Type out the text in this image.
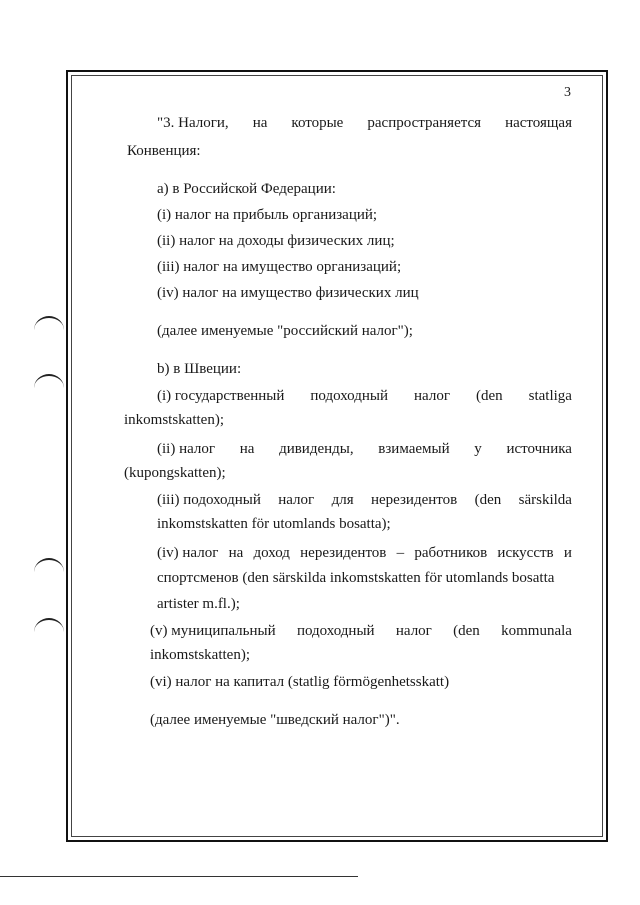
3
"3. Налоги, на которые распространяется настоящая
Конвенция:
а) в Российской Федерации:
(i) налог на прибыль организаций;
(ii) налог на доходы физических лиц;
(iii) налог на имущество организаций;
(iv) налог на имущество физических лиц
(далее именуемые "российский налог");
b) в Швеции:
(i) государственный подоходный налог (den statliga
inkomstskatten);
(ii) налог на дивиденды, взимаемый у источника
(kupongskatten);
(iii) подоходный налог для нерезидентов (den särskilda
inkomstskatten för utomlands bosatta);
(iv) налог на доход нерезидентов – работников искусств и
спортсменов (den särskilda inkomstskatten för utomlands bosatta
artister m.fl.);
(v) муниципальный подоходный налог (den kommunala
inkomstskatten);
(vi) налог на капитал (statlig förmögenhetsskatt)
(далее именуемые "шведский налог")".
